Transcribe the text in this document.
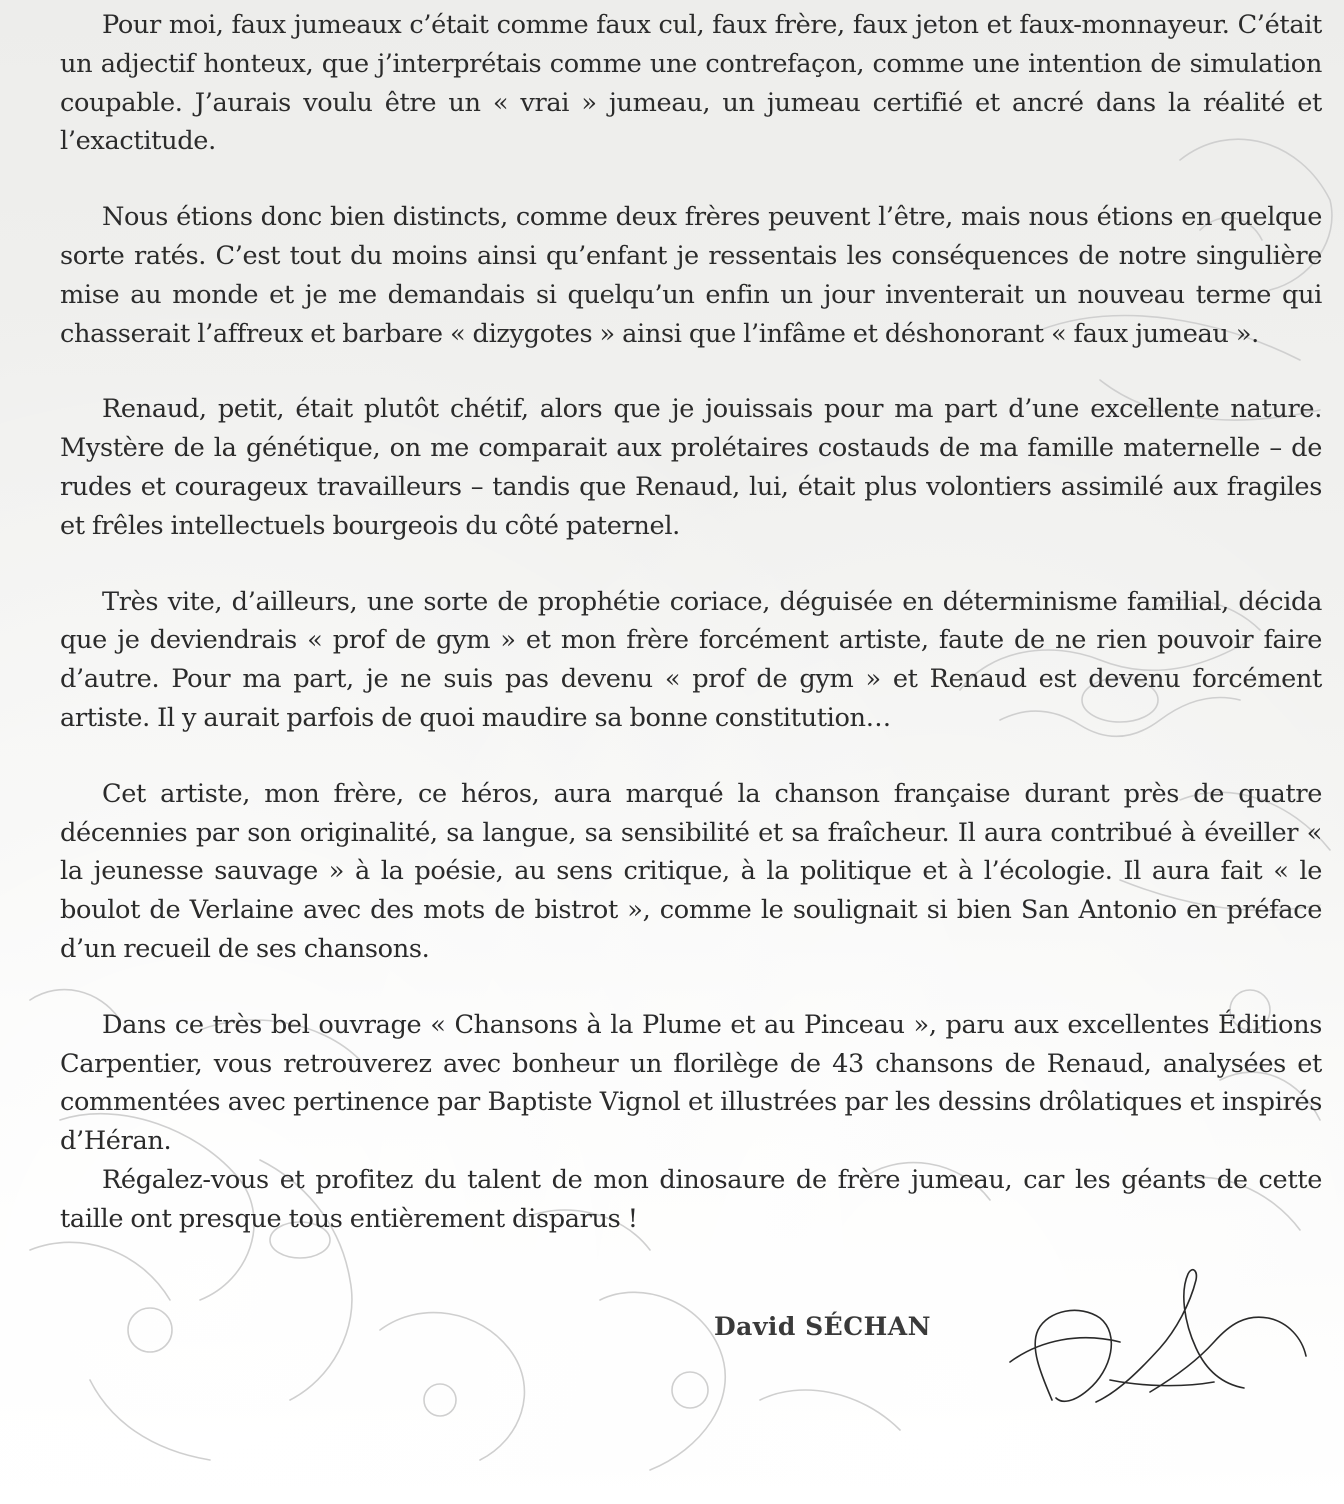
Pour moi, faux jumeaux c’était comme faux cul, faux frère, faux jeton et faux-monnayeur. C’était un adjectif honteux, que j’interprétais comme une contrefaçon, comme une intention de simulation coupable. J’aurais voulu être un « vrai » jumeau, un jumeau certifié et ancré dans la réalité et l’exactitude.

Nous étions donc bien distincts, comme deux frères peuvent l’être, mais nous étions en quelque sorte ratés. C’est tout du moins ainsi qu’enfant je ressentais les conséquences de notre singulière mise au monde et je me demandais si quelqu’un enfin un jour inventerait un nouveau terme qui chasserait l’affreux et barbare « dizygotes » ainsi que l’infâme et déshonorant « faux jumeau ».

Renaud, petit, était plutôt chétif, alors que je jouissais pour ma part d’une excellente nature. Mystère de la génétique, on me comparait aux prolétaires costauds de ma famille maternelle – de rudes et courageux travailleurs – tandis que Renaud, lui, était plus volontiers assimilé aux fragiles et frêles intellectuels bourgeois du côté paternel.

Très vite, d’ailleurs, une sorte de prophétie coriace, déguisée en déterminisme familial, décida que je deviendrais « prof de gym » et mon frère forcément artiste, faute de ne rien pouvoir faire d’autre. Pour ma part, je ne suis pas devenu « prof de gym » et Renaud est devenu forcément artiste. Il y aurait parfois de quoi maudire sa bonne constitution…

Cet artiste, mon frère, ce héros, aura marqué la chanson française durant près de quatre décennies par son originalité, sa langue, sa sensibilité et sa fraîcheur. Il aura contribué à éveiller « la jeunesse sauvage » à la poésie, au sens critique, à la politique et à l’écologie. Il aura fait « le boulot de Verlaine avec des mots de bistrot », comme le soulignait si bien San Antonio en préface d’un recueil de ses chansons.

Dans ce très bel ouvrage « Chansons à la Plume et au Pinceau », paru aux excellentes Éditions Carpentier, vous retrouverez avec bonheur un florilège de 43 chansons de Renaud, analysées et commentées avec pertinence par Baptiste Vignol et illustrées par les dessins drôlatiques et inspirés d’Héran.

Régalez-vous et profitez du talent de mon dinosaure de frère jumeau, car les géants de cette taille ont presque tous entièrement disparus !

David SÉCHAN
